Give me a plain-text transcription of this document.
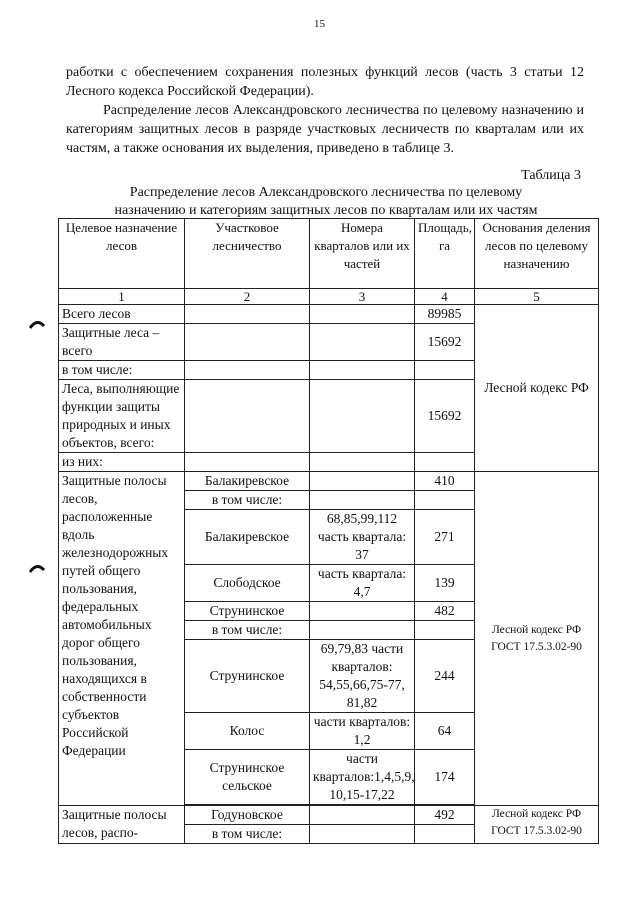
15

работки с обеспечением сохранения полезных функций лесов (часть 3 статьи 12 Лесного кодекса Российской Федерации).

Распределение лесов Александровского лесничества по целевому назначению и категориям защитных лесов в разряде участковых лесничеств по кварталам или их частям, а также основания их выделения, приведено в таблице 3.

Таблица 3
Распределение лесов Александровского лесничества по целевому
назначению и категориям защитных лесов по кварталам или их частям
Целевое назначение лесов	Участковое лесничество	Номера кварталов или их частей	Площадь, га	Основания деления лесов по целевому назначению
1	2	3	4	5
Всего лесов			89985	Лесной кодекс РФ
Защитные леса – всего			15692	
в том числе:				
Леса, выполняющие функции защиты природных и иных объектов, всего:			15692	
из них:				
Защитные полосы лесов, расположенные вдоль железнодорожных путей общего пользования, федеральных автомобильных дорог общего пользования, находящихся в собственности субъектов Российской Федерации	Балакиревское		410	Лесной кодекс РФ
ГОСТ 17.5.3.02-90

	в том числе:			
	Балакиревское	68,85,99,112 часть квартала: 37	271	
	Слободское	часть квартала: 4,7	139	
	Струнинское		482	
	в том числе:			
	Струнинское	69,79,83 части кварталов: 54,55,66,75-77, 81,82	244	
	Колос	части кварталов: 1,2	64	
	Струнинское сельское	части кварталов:1,4,5,9, 10,15-17,22	174	

Защитные полосы лесов, распо-	Годуновское		492	Лесной кодекс РФ
ГОСТ 17.5.3.02-90

	в том числе:			
